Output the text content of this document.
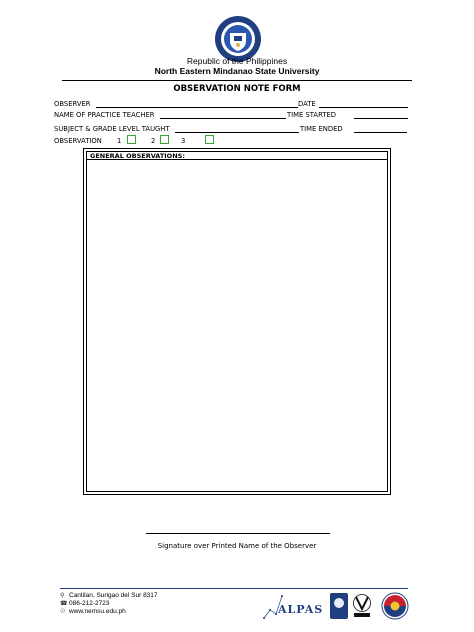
Republic of the Philippines
North Eastern Mindanao State University
OBSERVATION NOTE FORM
OBSERVER	DATE
NAME OF PRACTICE TEACHER	TIME STARTED
SUBJECT & GRADE LEVEL TAUGHT	TIME ENDED
OBSERVATION 1	2	3
GENERAL OBSERVATIONS:
Signature over Printed Name of the Observer
⚲ Cantilan, Surigao del Sur 8317
☎ 086-212-2723
☉ www.nemsu.edu.ph	ALPAS
